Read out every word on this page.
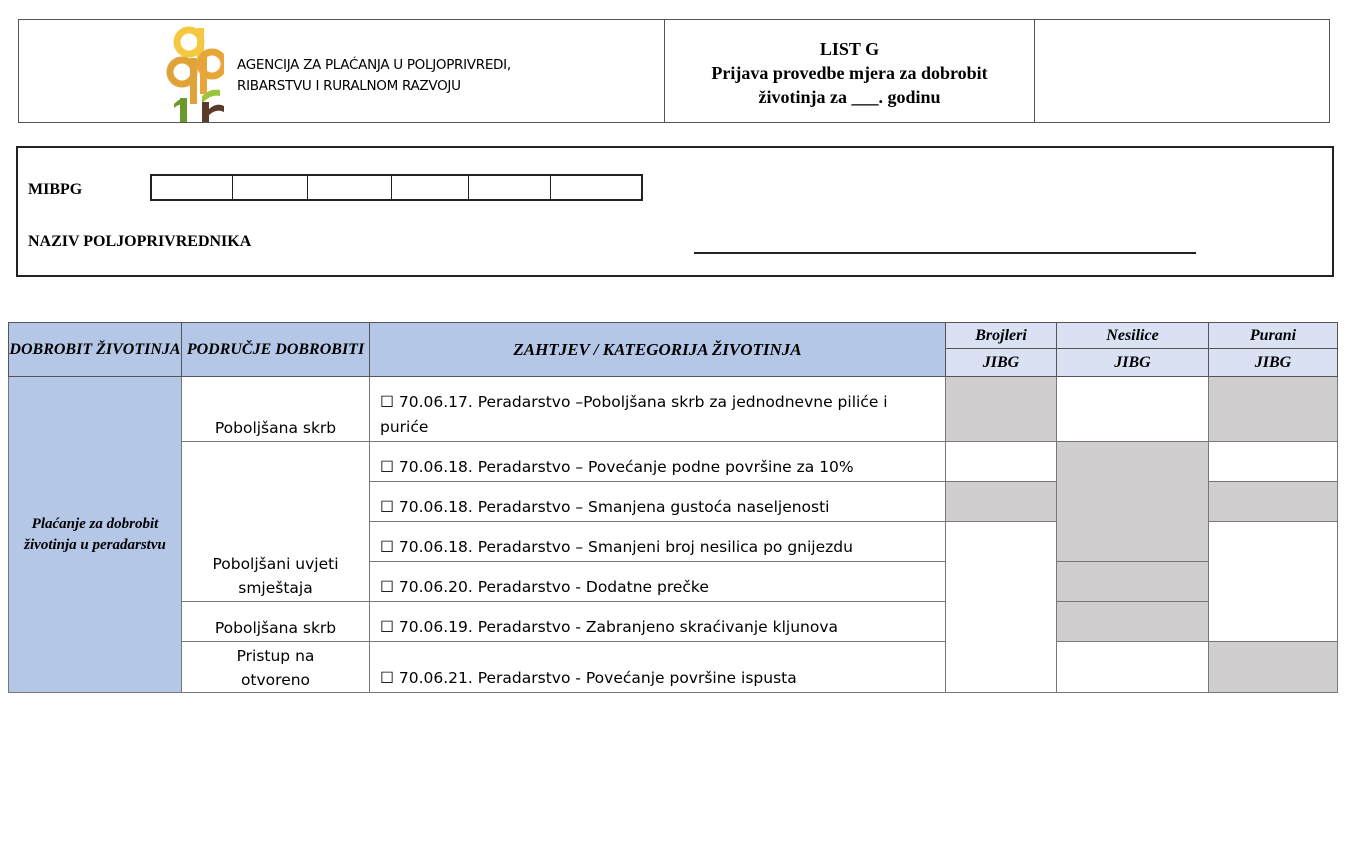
AGENCIJA ZA PLAĆANJA U POLJOPRIVREDI,
RIBARSTVU I RURALNOM RAZVOJU
LIST G
Prijava provedbe mjera za dobrobit
životinja za ___. godinu
MIBPG
NAZIV POLJOPRIVREDNIKA
DOBROBIT ŽIVOTINJA	PODRUČJE DOBROBITI	ZAHTJEV / KATEGORIJA ŽIVOTINJA	Brojleri	Nesilice	Purani
			JIBG	JIBG	JIBG
Plaćanje za dobrobit životinja u peradarstvu	Poboljšana skrb	☐ 70.06.17. Peradarstvo –Poboljšana skrb za jednodnevne piliće i puriće			
	Poboljšani uvjeti smještaja	☐ 70.06.18. Peradarstvo – Povećanje podne površine za 10%			
		☐ 70.06.18. Peradarstvo – Smanjena gustoća naseljenosti			
		☐ 70.06.18. Peradarstvo – Smanjeni broj nesilica po gnijezdu			
		☐ 70.06.20. Peradarstvo - Dodatne prečke			
	Poboljšana skrb	☐ 70.06.19. Peradarstvo - Zabranjeno skraćivanje kljunova			
	Pristup na otvoreno	☐ 70.06.21. Peradarstvo - Povećanje površine ispusta			
